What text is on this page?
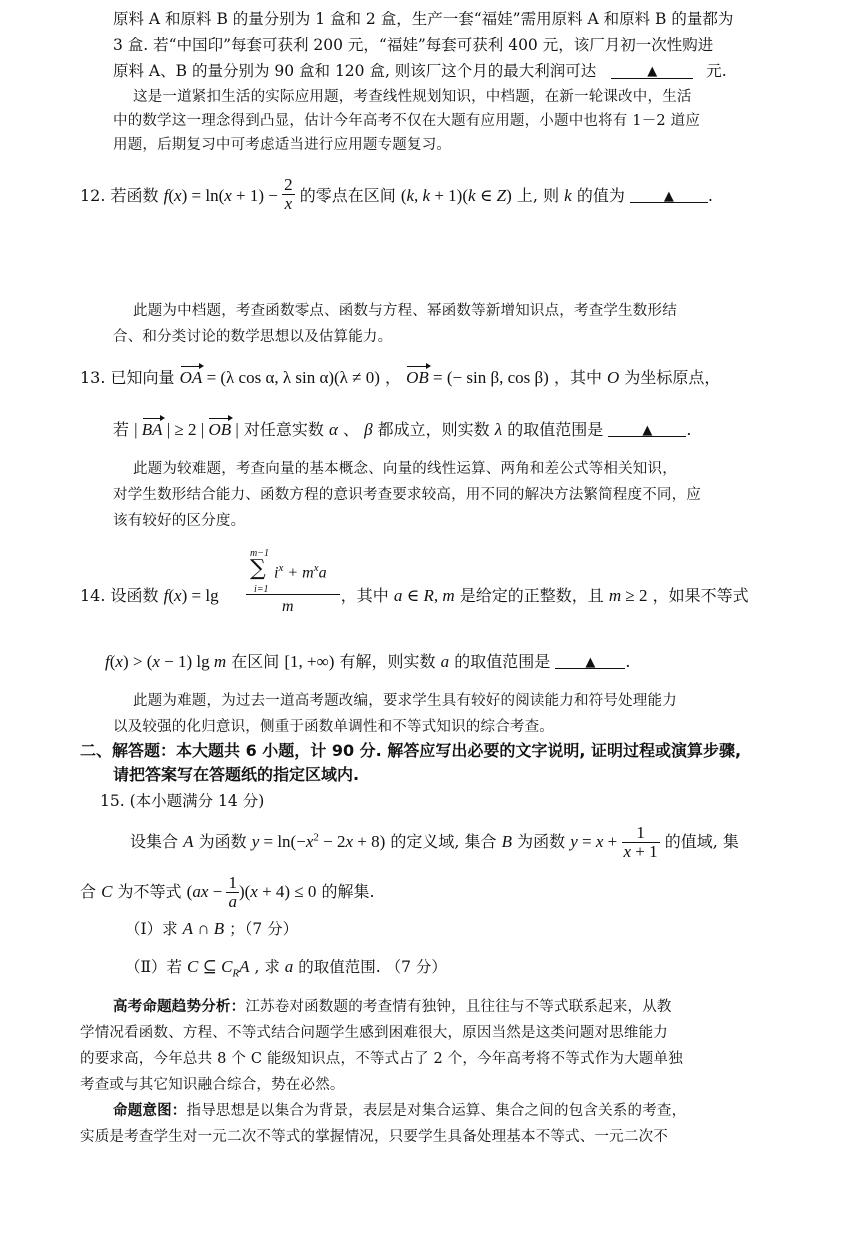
原料 A 和原料 B 的量分别为 1 盒和 2 盒，生产一套“福娃”需用原料 A 和原料 B 的量都为
3 盒. 若“中国印”每套可获利 200 元，“福娃”每套可获利 400 元，该厂月初一次性购进
原料 A、B 的量分别为 90 盒和 120 盒, 则该厂这个月的最大利润可达	▲	元.
这是一道紧扣生活的实际应用题，考查线性规划知识，中档题，在新一轮课改中，生活
中的数学这一理念得到凸显，估计今年高考不仅在大题有应用题，小题中也将有 1－2 道应
用题，后期复习中可考虑适当进行应用题专题复习。
12. 若函数 $f(x) = \ln(x + 1) - \frac{2}{x}$ 的零点在区间 (k, k + 1)(k ∈ Z) 上, 则 k 的值为	▲ .
此题为中档题，考查函数零点、函数与方程、幂函数等新增知识点，考查学生数形结
合、和分类讨论的数学思想以及估算能力。
13. 已知向量 OA = (λ cos α, λ sin α)(λ ≠ 0) ， OB = (− sin β, cos β) ，其中 O 为坐标原点，
若 | BA | ≥ 2 | OB | 对任意实数 α 、 β 都成立，则实数 λ 的取值范围是	▲ .
此题为较难题，考查向量的基本概念、向量的线性运算、两角和差公式等相关知识，
对学生数形结合能力、函数方程的意识考查要求较高，用不同的解决方法繁简程度不同，应
该有较好的区分度。
14. 设函数 f(x) = lg	，其中 a ∈ R, m 是给定的正整数，且 m ≥ 2 ，如果不等式
m−1
∑
i=1
$i^x + m^xa$
m
f(x) > (x − 1) lg m 在区间 [1, +∞) 有解，则实数 a 的取值范围是	▲ .
此题为难题，为过去一道高考题改编，要求学生具有较好的阅读能力和符号处理能力
以及较强的化归意识，侧重于函数单调性和不等式知识的综合考查。
二、解答题：本大题共 6 小题，计 90 分. 解答应写出必要的文字说明, 证明过程或演算步骤,
请把答案写在答题纸的指定区域内.
15. (本小题满分 14 分)
设集合 A 为函数 $y = \ln(-x^2 - 2x + 8)$ 的定义域, 集合 B 为函数 $y = x + \frac{1}{x + 1}$ 的值域, 集
合 C 为不等式 $(ax - \frac{1}{a} )(x + 4) \le 0$ 的解集.
（Ⅰ）求 A ∩ B ；（7 分）
（Ⅱ）若 C ⊆ $C_RA$ , 求 a 的取值范围. （7 分）
高考命题趋势分析：江苏卷对函数题的考查情有独钟，且往往与不等式联系起来，从教
学情况看函数、方程、不等式结合问题学生感到困难很大，原因当然是这类问题对思维能力
的要求高，今年总共 8 个 C 能级知识点，不等式占了 2 个，今年高考将不等式作为大题单独
考查或与其它知识融合综合，势在必然。
命题意图：指导思想是以集合为背景，表层是对集合运算、集合之间的包含关系的考查，
实质是考查学生对一元二次不等式的掌握情况，只要学生具备处理基本不等式、一元二次不
